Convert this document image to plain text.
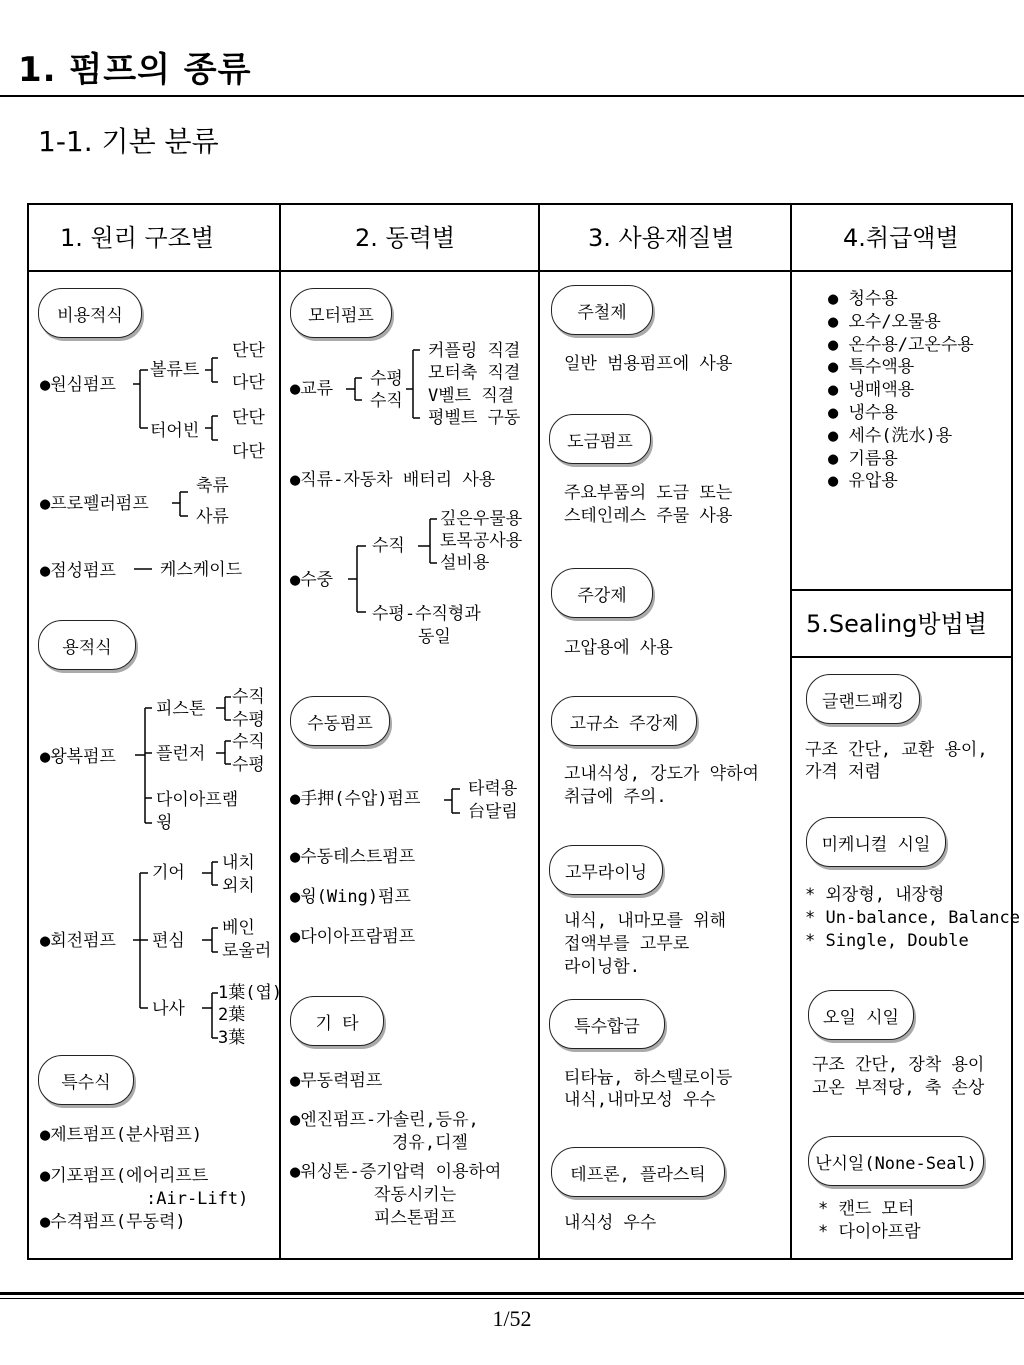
1. 펌프의 종류
1-1. 기본 분류
1. 원리 구조별	2. 동력별	3. 사용재질별	4.취급액별
5.Sealing방법별
비용적식
●원심펌프
볼류트
터어빈
단단
다단
단단
다단
●프로펠러펌프
축류
사류
●점성펌프	케스케이드
용적식
피스톤
수직
수평
●왕복펌프 플런저
수직
수평
다이아프램
윙
기어 내치
외치
●회전펌프 편심
베인
로울러
나사
1葉(엽)
2葉
3葉
특수식
●제트펌프(분사펌프)
●기포펌프(에어리프트
:Air-Lift)
●수격펌프(무동력)
모터펌프
커플링 직결
모터축 직결
V벨트 직결
평벨트 구동
●교류 수평
수직
●직류-자동차 배터리 사용
깊은우물용
토목공사용
설비용
수직
●수중
수평-수직형과
동일
수동펌프
●手押(수압)펌프	타력용
台달림
●수동테스트펌프
●윙(Wing)펌프
●다이아프람펌프
기 타
●무동력펌프
●엔진펌프-가솔린,등유,
경유,디젤
●워싱톤-증기압력 이용하여
작동시키는
피스톤펌프
주철제
일반 범용펌프에 사용
도금펌프
주요부품의 도금 또는
스테인레스 주물 사용
주강제
고압용에 사용
고규소 주강제
고내식성, 강도가 약하여
취급에 주의.
고무라이닝
내식, 내마모를 위해
접액부를 고무로
라이닝함.
특수합금
티타늄, 하스텔로이등
내식,내마모성 우수
테프론, 플라스틱
내식성 우수
● 청수용
● 오수/오물용
● 온수용/고온수용
● 특수액용
● 냉매액용
● 냉수용
● 세수(洗水)용
● 기름용
● 유압용
글랜드패킹
구조 간단, 교환 용이,
가격 저렴
미케니컬 시일
* 외장형, 내장형
* Un-balance, Balance
* Single, Double
오일 시일
구조 간단, 장착 용이
고온 부적당, 축 손상
난시일(None-Seal)
* 캔드 모터
* 다이아프람
1/52
